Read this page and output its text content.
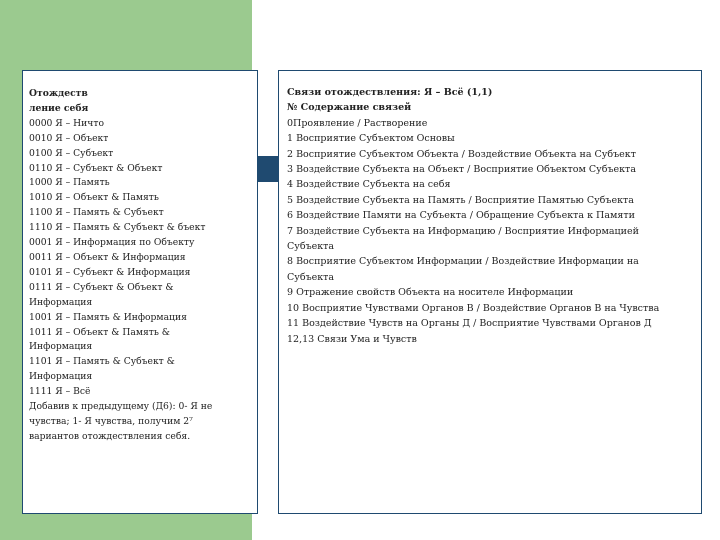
Отождеств
ление себя
0000 Я – Ничто
0010 Я – Объект
0100 Я – Субъект
0110 Я – Субъект & Объект
1000 Я – Память
1010 Я – Объект & Память
1100 Я – Память & Субъект
1110 Я – Память & Субъект & бъект
0001 Я – Информация по Объекту
0011 Я – Объект & Информация
0101 Я – Субъект & Информация
0111 Я – Субъект & Объект &
Информация
1001 Я – Память & Информация
1011 Я – Объект & Память &
Информация
1101 Я – Память & Субъект &
Информация
1111 Я – Всё
Добавив к предыдущему (Д6): 0- Я не
чувства; 1- Я чувства, получим 2⁷
вариантов отождествления себя.
Связи отождествления: Я – Всё (1,1)
№ Содержание связей
0Проявление / Растворение
1 Восприятие Субъектом Основы
2 Восприятие Субъектом Объекта / Воздействие Объекта на Субъект
3 Воздействие Субъекта на Объект / Восприятие Объектом Субъекта
4 Воздействие Субъекта на себя
5 Воздействие Субъекта на Память / Восприятие Памятью Субъекта
6 Воздействие Памяти на Субъекта / Обращение Субъекта к Памяти
7 Воздействие Субъекта на Информацию / Восприятие Информацией
Субъекта
8 Восприятие Субъектом Информации / Воздействие Информации на
Субъекта
9 Отражение свойств Объекта на носителе Информации
10 Восприятие Чувствами Органов В / Воздействие Органов В на Чувства
11 Воздействие Чувств на Органы Д / Восприятие Чувствами Органов Д
12,13 Связи Ума и Чувств
